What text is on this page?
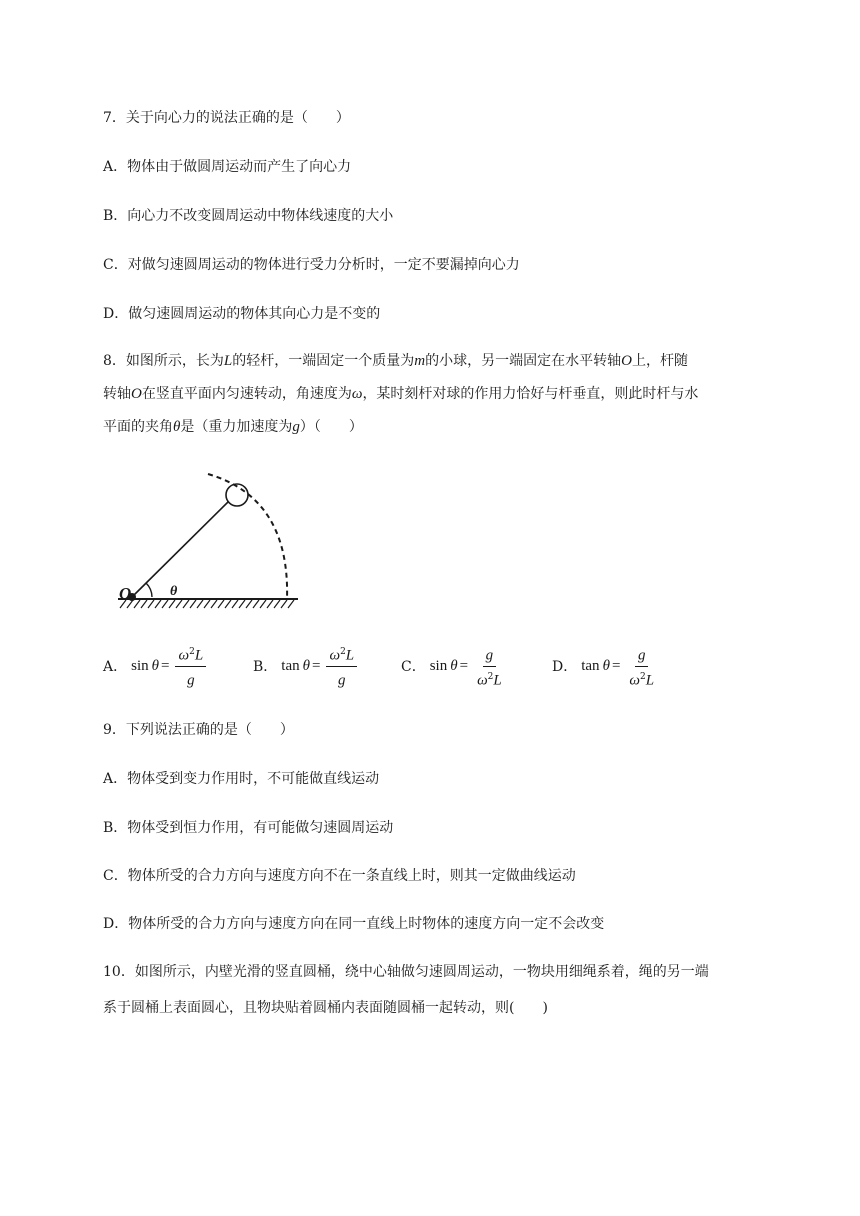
7．关于向心力的说法正确的是（　　）
A．物体由于做圆周运动而产生了向心力
B．向心力不改变圆周运动中物体线速度的大小
C．对做匀速圆周运动的物体进行受力分析时，一定不要漏掉向心力
D．做匀速圆周运动的物体其向心力是不变的
8．如图所示，长为L的轻杆，一端固定一个质量为m的小球，另一端固定在水平转轴O上，杆随
转轴O在竖直平面内匀速转动，角速度为ω，某时刻杆对球的作用力恰好与杆垂直，则此时杆与水
平面的夹角θ是（重力加速度为g）（　　）
O	θ
A． $\sin \theta = \frac{\omega^2L}{g}$	B． $\tan \theta = \frac{\omega^2L}{g}$	C． $\sin \theta = \frac{g}{\omega^2L}$	D． $\tan \theta = \frac{g}{\omega^2L}$
9．下列说法正确的是（　　）
A．物体受到变力作用时，不可能做直线运动
B．物体受到恒力作用，有可能做匀速圆周运动
C．物体所受的合力方向与速度方向不在一条直线上时，则其一定做曲线运动
D．物体所受的合力方向与速度方向在同一直线上时物体的速度方向一定不会改变
10．如图所示，内壁光滑的竖直圆桶，绕中心轴做匀速圆周运动，一物块用细绳系着，绳的另一端
系于圆桶上表面圆心，且物块贴着圆桶内表面随圆桶一起转动，则(　　)
